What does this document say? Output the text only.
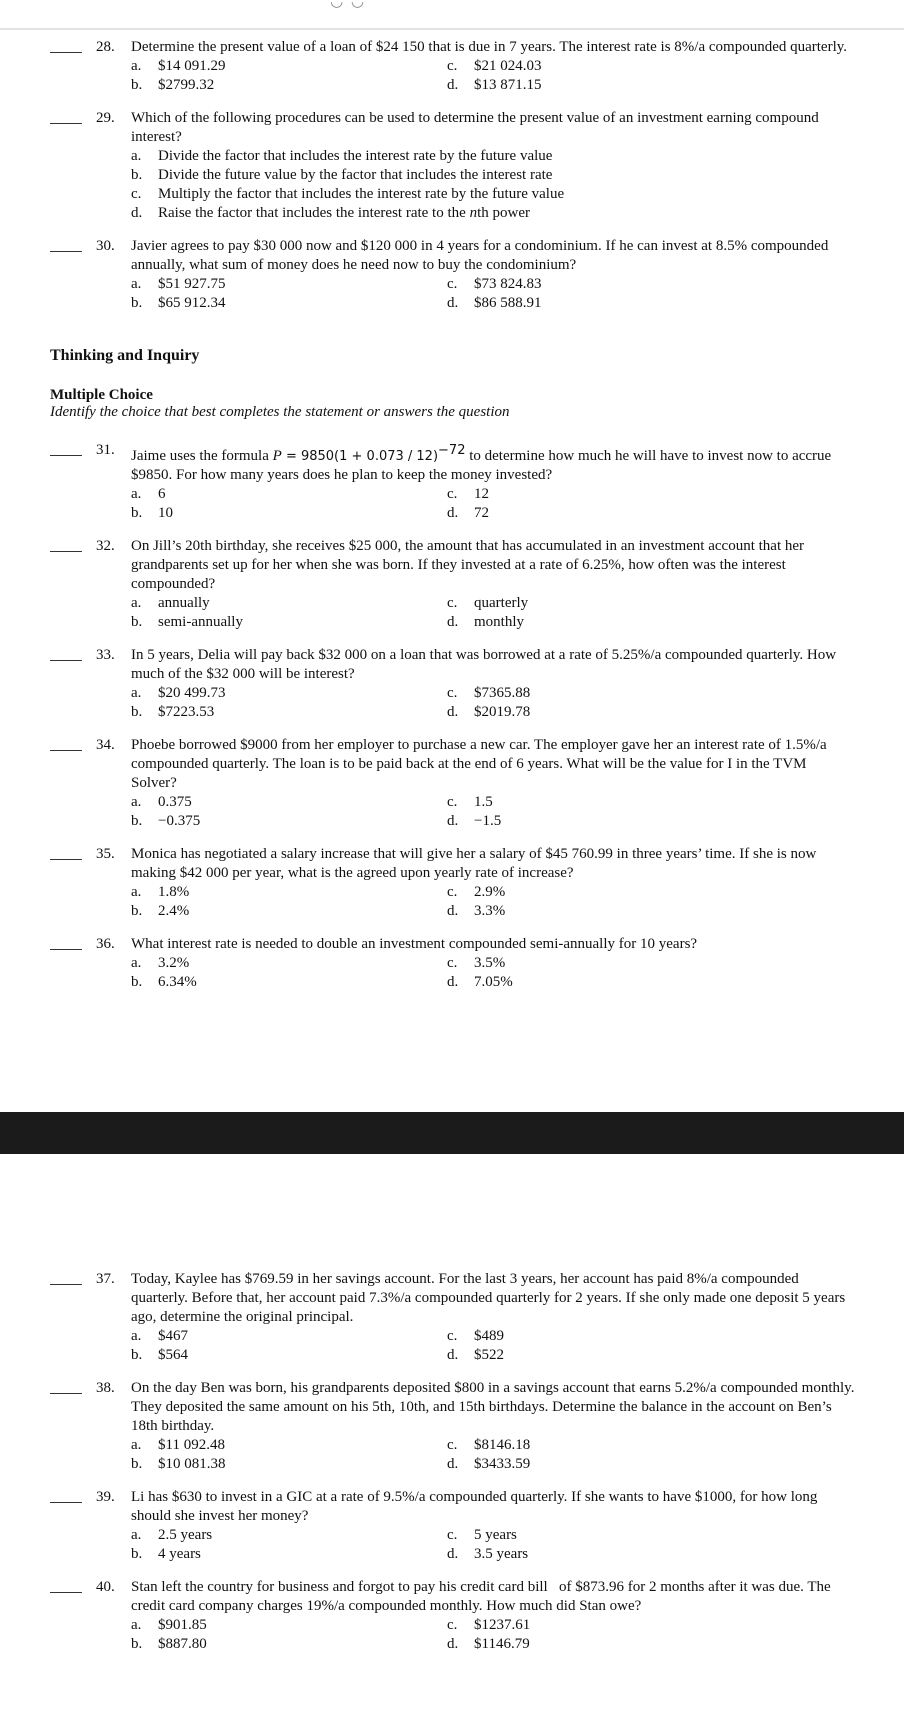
◡ ◡
28. Determine the present value of a loan of $24 150 that is due in 7 years. The interest rate is 8%/a compounded quarterly.
a. $14 091.29	c. $21 024.03
b. $2799.32	d. $13 871.15
29. Which of the following procedures can be used to determine the present value of an investment earning compound interest?
a. Divide the factor that includes the interest rate by the future value
b. Divide the future value by the factor that includes the interest rate
c. Multiply the factor that includes the interest rate by the future value
d. Raise the factor that includes the interest rate to the nth power
30. Javier agrees to pay $30 000 now and $120 000 in 4 years for a condominium. If he can invest at 8.5% compounded annually, what sum of money does he need now to buy the condominium?
a. $51 927.75	c. $73 824.83
b. $65 912.34	d. $86 588.91
Thinking and Inquiry
Multiple Choice
Identify the choice that best completes the statement or answers the question
31. Jaime uses the formula $P = 9850(1 + 0.073 / 12)^{-72}$ to determine how much he will have to invest now to accrue $9850. For how many years does he plan to keep the money invested?
a. 6	c. 12
b. 10	d. 72
32. On Jill’s 20th birthday, she receives $25 000, the amount that has accumulated in an investment account that her grandparents set up for her when she was born. If they invested at a rate of 6.25%, how often was the interest compounded?
a. annually	c. quarterly
b. semi-annually	d. monthly
33. In 5 years, Delia will pay back $32 000 on a loan that was borrowed at a rate of 5.25%/a compounded quarterly. How much of the $32 000 will be interest?
a. $20 499.73	c. $7365.88
b. $7223.53	d. $2019.78
34. Phoebe borrowed $9000 from her employer to purchase a new car. The employer gave her an interest rate of 1.5%/a compounded quarterly. The loan is to be paid back at the end of 6 years. What will be the value for I in the TVM Solver?
a. 0.375	c. 1.5
b. −0.375	d. −1.5
35. Monica has negotiated a salary increase that will give her a salary of $45 760.99 in three years’ time. If she is now making $42 000 per year, what is the agreed upon yearly rate of increase?
a. 1.8%	c. 2.9%
b. 2.4%	d. 3.3%
36. What interest rate is needed to double an investment compounded semi-annually for 10 years?
a. 3.2%	c. 3.5%
b. 6.34%	d. 7.05%
37. Today, Kaylee has $769.59 in her savings account. For the last 3 years, her account has paid 8%/a compounded quarterly. Before that, her account paid 7.3%/a compounded quarterly for 2 years. If she only made one deposit 5 years ago, determine the original principal.
a. $467	c. $489
b. $564	d. $522
38. On the day Ben was born, his grandparents deposited $800 in a savings account that earns 5.2%/a compounded monthly. They deposited the same amount on his 5th, 10th, and 15th birthdays. Determine the balance in the account on Ben’s 18th birthday.
a. $11 092.48	c. $8146.18
b. $10 081.38	d. $3433.59
39. Li has $630 to invest in a GIC at a rate of 9.5%/a compounded quarterly. If she wants to have $1000, for how long should she invest her money?
a. 2.5 years	c. 5 years
b. 4 years	d. 3.5 years
40. Stan left the country for business and forgot to pay his credit card bill   of $873.96 for 2 months after it was due. The credit card company charges 19%/a compounded monthly. How much did Stan owe?
a. $901.85	c. $1237.61
b. $887.80	d. $1146.79
